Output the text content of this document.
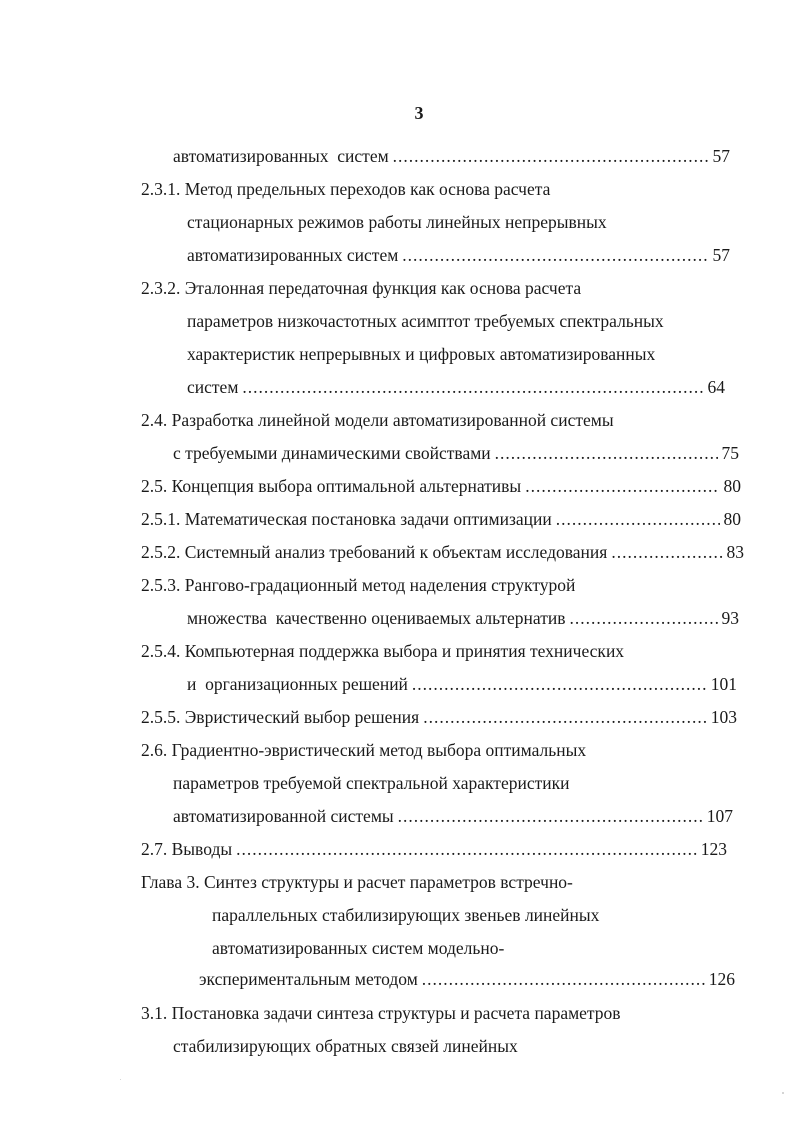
3
автоматизированных  систем .....	57
2.3.1. Метод предельных переходов как основа расчета
стационарных режимов работы линейных непрерывных
автоматизированных систем .....	57
2.3.2. Эталонная передаточная функция как основа расчета
параметров низкочастотных асимптот требуемых спектральных
характеристик непрерывных и цифровых автоматизированных
систем .....	64
2.4. Разработка линейной модели автоматизированной системы
с требуемыми динамическими свойствами .....	75
2.5. Концепция выбора оптимальной альтернативы .....	80
2.5.1. Математическая постановка задачи оптимизации .....	80
2.5.2. Системный анализ требований к объектам исследования .....	83
2.5.3. Рангово-градационный метод наделения структурой
множества  качественно оцениваемых альтернатив .....	93
2.5.4. Компьютерная поддержка выбора и принятия технических
и  организационных решений .....	101
2.5.5. Эвристический выбор решения .....	103
2.6. Градиентно-эвристический метод выбора оптимальных
параметров требуемой спектральной характеристики
автоматизированной системы .....	107
2.7. Выводы .....	123
Глава 3. Синтез структуры и расчет параметров встречно-
параллельных стабилизирующих звеньев линейных
автоматизированных систем модельно-
экспериментальным методом .....	126
3.1. Постановка задачи синтеза структуры и расчета параметров
стабилизирующих обратных связей линейных
